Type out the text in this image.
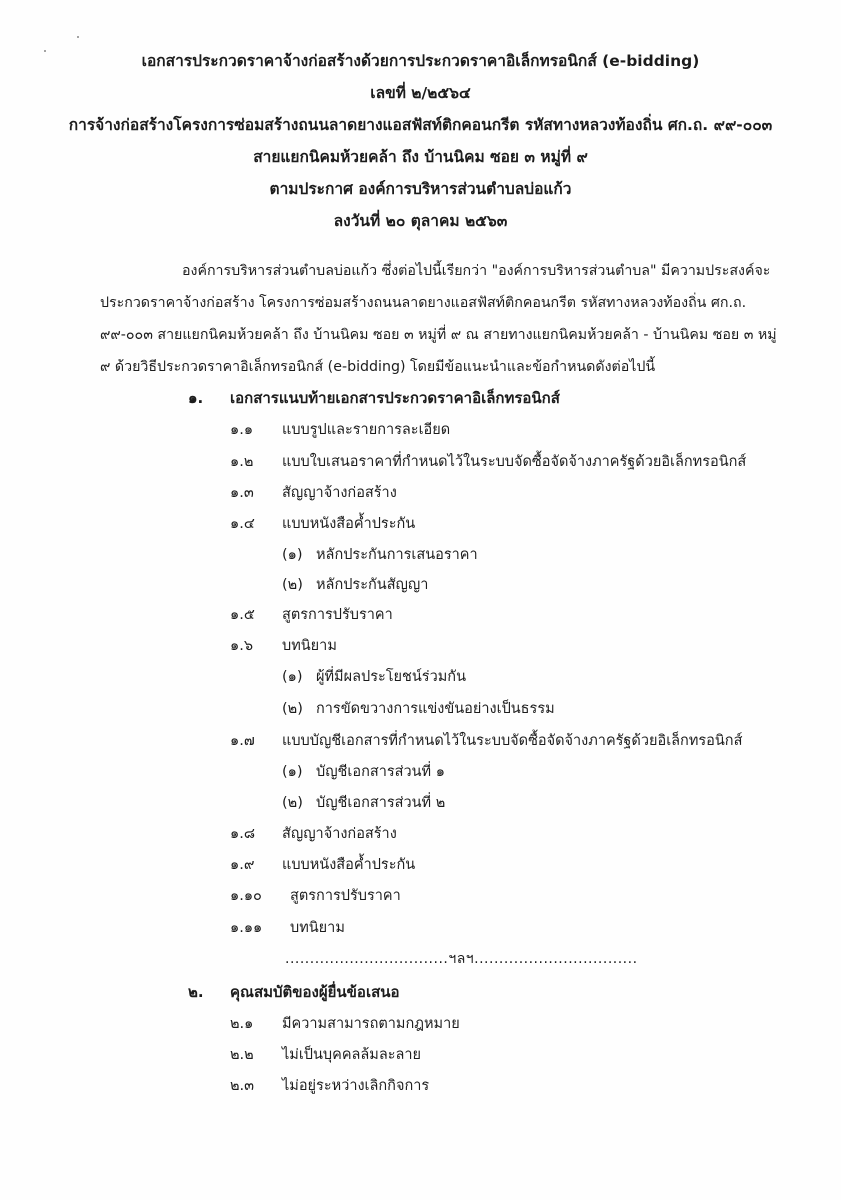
เอกสารประกวดราคาจ้างก่อสร้างด้วยการประกวดราคาอิเล็กทรอนิกส์ (e-bidding)
เลขที่ ๒/๒๕๖๔
การจ้างก่อสร้างโครงการซ่อมสร้างถนนลาดยางแอสฟัสท์ติกคอนกรีต รหัสทางหลวงท้องถิ่น ศก.ถ. ๙๙-๐๐๓
สายแยกนิคมห้วยคล้า ถึง บ้านนิคม ซอย ๓ หมู่ที่ ๙
ตามประกาศ องค์การบริหารส่วนตำบลบ่อแก้ว
ลงวันที่ ๒๐ ตุลาคม ๒๕๖๓
องค์การบริหารส่วนตำบลบ่อแก้ว ซึ่งต่อไปนี้เรียกว่า "องค์การบริหารส่วนตำบล" มีความประสงค์จะ
ประกวดราคาจ้างก่อสร้าง โครงการซ่อมสร้างถนนลาดยางแอสฟัสท์ติกคอนกรีต รหัสทางหลวงท้องถิ่น ศก.ถ.
๙๙-๐๐๓ สายแยกนิคมห้วยคล้า ถึง บ้านนิคม ซอย ๓ หมู่ที่ ๙ ณ สายทางแยกนิคมห้วยคล้า - บ้านนิคม ซอย ๓ หมู่
๙ ด้วยวิธีประกวดราคาอิเล็กทรอนิกส์ (e-bidding) โดยมีข้อแนะนำและข้อกำหนดดังต่อไปนี้
๑. เอกสารแนบท้ายเอกสารประกวดราคาอิเล็กทรอนิกส์
๑.๑ แบบรูปและรายการละเอียด
๑.๒ แบบใบเสนอราคาที่กำหนดไว้ในระบบจัดซื้อจัดจ้างภาครัฐด้วยอิเล็กทรอนิกส์
๑.๓ สัญญาจ้างก่อสร้าง
๑.๔ แบบหนังสือค้ำประกัน
(๑) หลักประกันการเสนอราคา
(๒) หลักประกันสัญญา
๑.๕ สูตรการปรับราคา
๑.๖ บทนิยาม
(๑) ผู้ที่มีผลประโยชน์ร่วมกัน
(๒) การขัดขวางการแข่งขันอย่างเป็นธรรม
๑.๗ แบบบัญชีเอกสารที่กำหนดไว้ในระบบจัดซื้อจัดจ้างภาครัฐด้วยอิเล็กทรอนิกส์
(๑) บัญชีเอกสารส่วนที่ ๑
(๒) บัญชีเอกสารส่วนที่ ๒
๑.๘ สัญญาจ้างก่อสร้าง
๑.๙ แบบหนังสือค้ำประกัน
๑.๑๐ สูตรการปรับราคา
๑.๑๑ บทนิยาม
.................................ฯลฯ.................................
๒. คุณสมบัติของผู้ยื่นข้อเสนอ
๒.๑ มีความสามารถตามกฎหมาย
๒.๒ ไม่เป็นบุคคลล้มละลาย
๒.๓ ไม่อยู่ระหว่างเลิกกิจการ
